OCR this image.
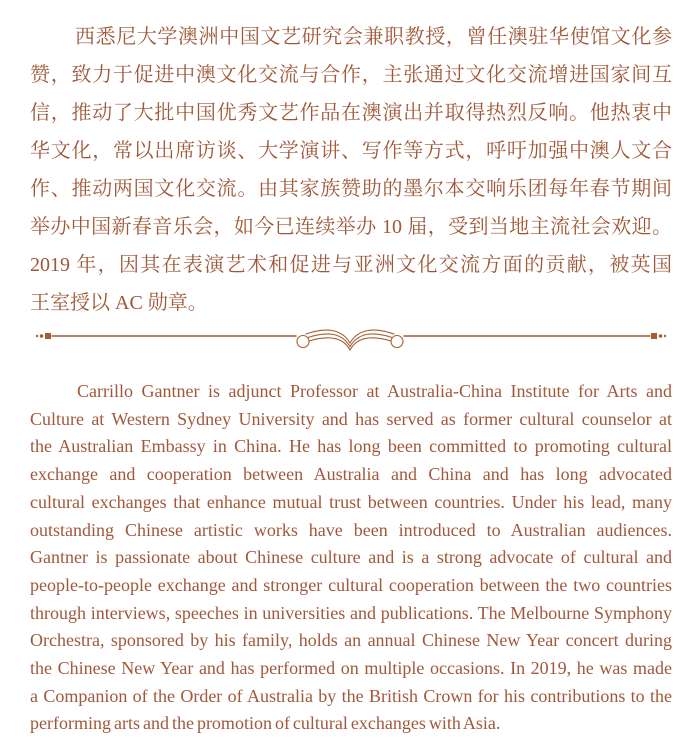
西悉尼大学澳洲中国文艺研究会兼职教授，曾任澳驻华使馆文化参
赞，致力于促进中澳文化交流与合作，主张通过文化交流增进国家间互
信，推动了大批中国优秀文艺作品在澳演出并取得热烈反响。他热衷中
华文化，常以出席访谈、大学演讲、写作等方式，呼吁加强中澳人文合
作、推动两国文化交流。由其家族赞助的墨尔本交响乐团每年春节期间
举办中国新春音乐会，如今已连续举办 10 届，受到当地主流社会欢迎。
2019 年，因其在表演艺术和促进与亚洲文化交流方面的贡献，被英国
王室授以 AC 勋章。
Carrillo Gantner is adjunct Professor at Australia-China Institute for Arts and
Culture at Western Sydney University and has served as former cultural counselor at
the Australian Embassy in China. He has long been committed to promoting cultural
exchange and cooperation between Australia and China and has long advocated
cultural exchanges that enhance mutual trust between countries. Under his lead, many
outstanding Chinese artistic works have been introduced to Australian audiences.
Gantner is passionate about Chinese culture and is a strong advocate of cultural and
people-to-people exchange and stronger cultural cooperation between the two countries
through interviews, speeches in universities and publications. The Melbourne Symphony
Orchestra, sponsored by his family, holds an annual Chinese New Year concert during
the Chinese New Year and has performed on multiple occasions. In 2019, he was made
a Companion of the Order of Australia by the British Crown for his contributions to the
performing arts and the promotion of cultural exchanges with Asia.
